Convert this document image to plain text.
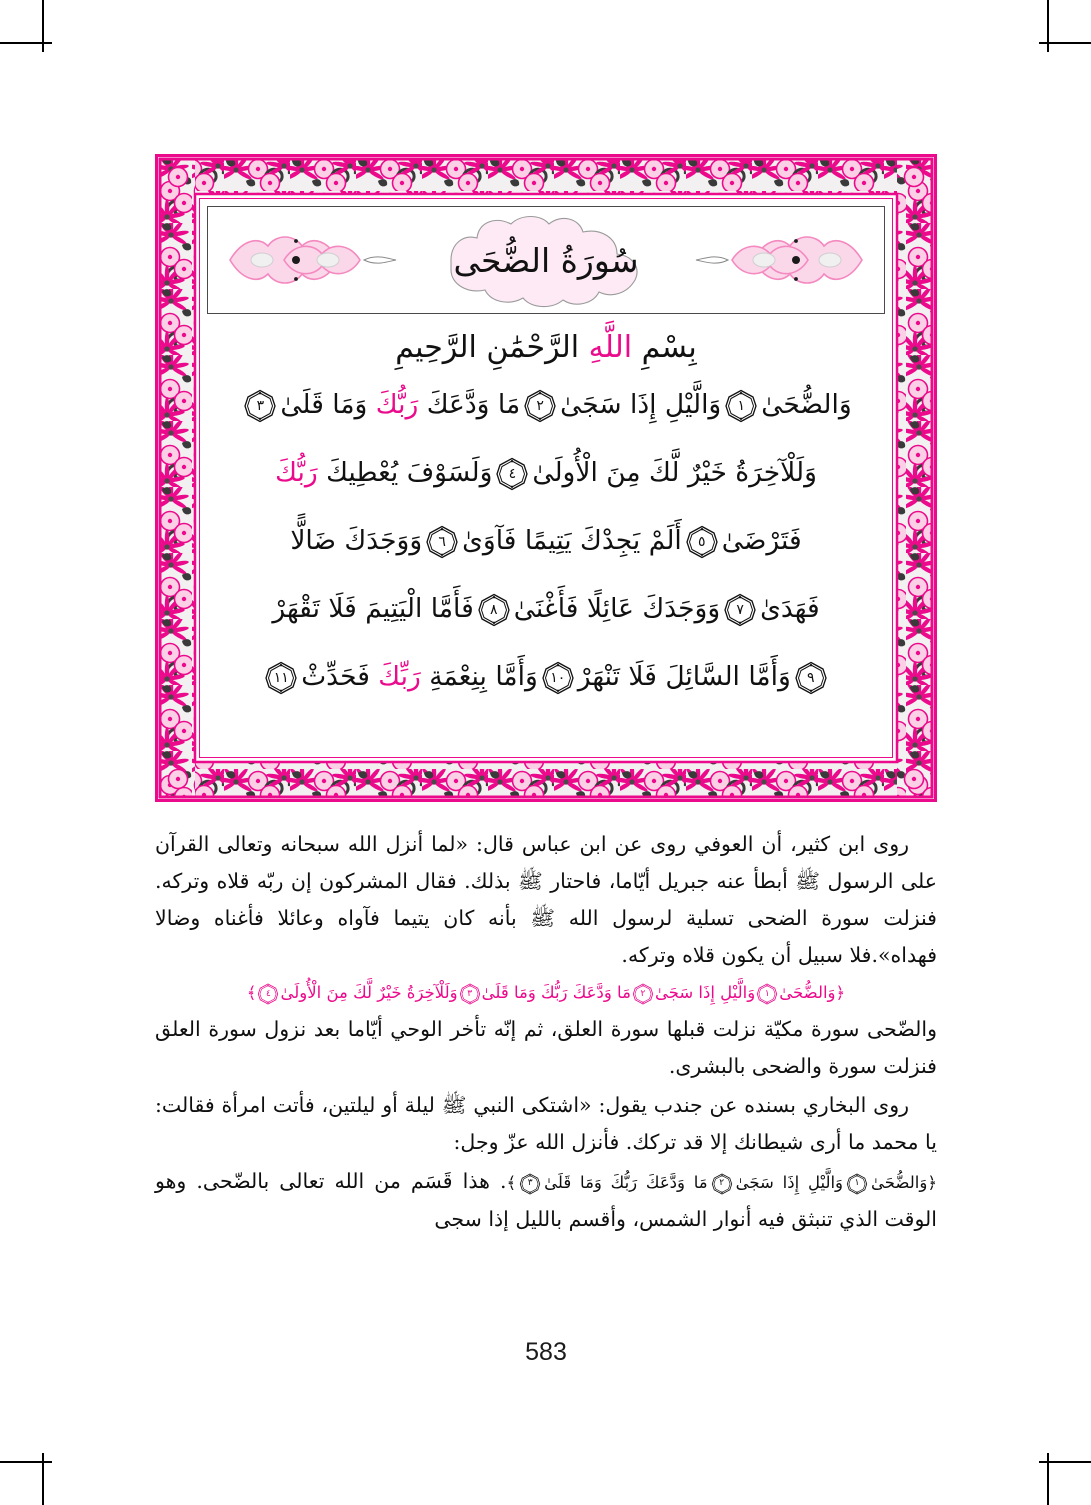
سُورَةُ الضُّحَى
بِسْمِ اللَّهِ الرَّحْمَٰنِ الرَّحِيمِ
وَالضُّحَىٰ
١
وَالَّيْلِ إِذَا سَجَىٰ
٢
مَا وَدَّعَكَ رَبُّكَ وَمَا قَلَىٰ
٣
وَلَلْآخِرَةُ خَيْرٌ لَّكَ مِنَ الْأُولَىٰ
٤
وَلَسَوْفَ يُعْطِيكَ رَبُّكَ
فَتَرْضَىٰ
٥
أَلَمْ يَجِدْكَ يَتِيمًا فَآوَىٰ
٦
وَوَجَدَكَ ضَالًّا
فَهَدَىٰ
٧
وَوَجَدَكَ عَائِلًا فَأَغْنَىٰ
٨
فَأَمَّا الْيَتِيمَ فَلَا تَقْهَرْ
٩
وَأَمَّا السَّائِلَ فَلَا تَنْهَرْ
١٠
وَأَمَّا بِنِعْمَةِ رَبِّكَ فَحَدِّثْ
١١

روى ابن كثير، أن العوفي روى عن ابن عباس قال: «لما أنزل الله سبحانه وتعالى القرآن على الرسول ﷺ أبطأ عنه جبريل أيّاما، فاحتار ﷺ بذلك. فقال المشركون إن ربّه قلاه وتركه. فنزلت سورة الضحى تسلية لرسول الله ﷺ بأنه كان يتيما فآواه وعائلا فأغناه وضالا فهداه».فلا سبيل أن يكون قلاه وتركه.

﴿وَالضُّحَىٰ
١
وَالَّيْلِ إِذَا سَجَىٰ
٢
مَا وَدَّعَكَ رَبُّكَ وَمَا قَلَىٰ
٣
وَلَلْآخِرَةُ خَيْرٌ لَّكَ مِنَ الْأُولَىٰ
٤
﴾

والضّحى سورة مكيّة نزلت قبلها سورة العلق، ثم إنّه تأخر الوحي أيّاما بعد نزول سورة العلق فنزلت سورة والضحى بالبشرى.

روى البخاري بسنده عن جندب يقول: «اشتكى النبي ﷺ ليلة أو ليلتين، فأتت امرأة فقالت: يا محمد ما أرى شيطانك إلا قد تركك. فأنزل الله عزّ وجل:

﴿وَالضُّحَىٰ
١
وَالَّيْلِ إِذَا سَجَىٰ
٢
مَا وَدَّعَكَ رَبُّكَ وَمَا قَلَىٰ
٣
﴾. هذا قَسَم من الله تعالى بالضّحى. وهو الوقت الذي تنبثق فيه أنوار الشمس، وأقسم بالليل إذا سجى
583
